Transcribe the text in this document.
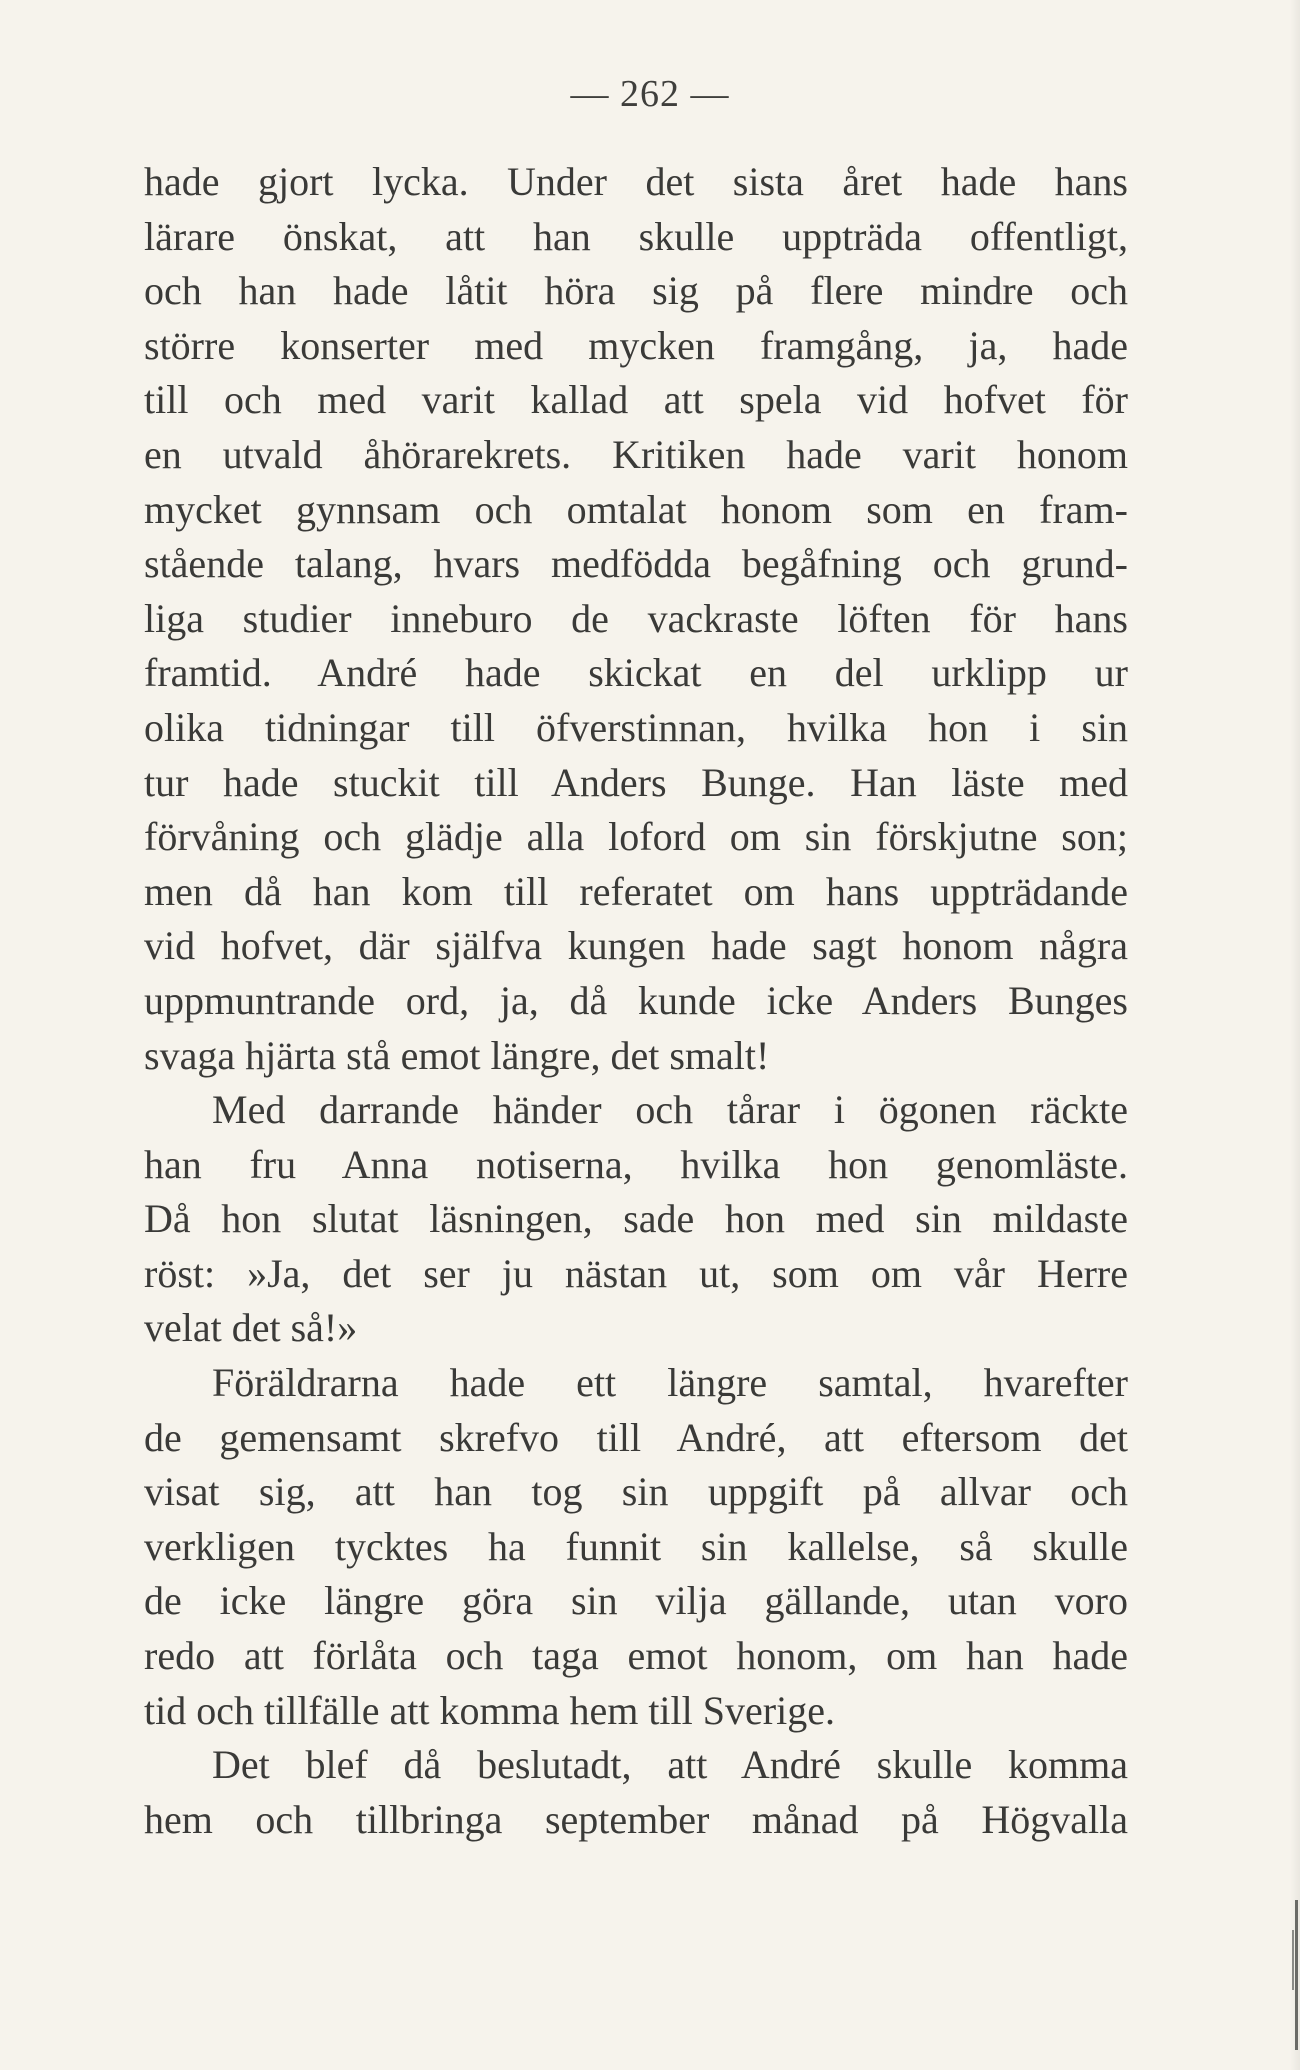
— 262 —
hade gjort lycka. Under det sista året hade hans
lärare önskat, att han skulle uppträda offentligt,
och han hade låtit höra sig på flere mindre och
större konserter med mycken framgång, ja, hade
till och med varit kallad att spela vid hofvet för
en utvald åhörarekrets. Kritiken hade varit honom
mycket gynnsam och omtalat honom som en fram-
stående talang, hvars medfödda begåfning och grund-
liga studier inneburo de vackraste löften för hans
framtid. André hade skickat en del urklipp ur
olika tidningar till öfverstinnan, hvilka hon i sin
tur hade stuckit till Anders Bunge. Han läste med
förvåning och glädje alla loford om sin förskjutne son;
men då han kom till referatet om hans uppträdande
vid hofvet, där själfva kungen hade sagt honom några
uppmuntrande ord, ja, då kunde icke Anders Bunges
svaga hjärta stå emot längre, det smalt!
Med darrande händer och tårar i ögonen räckte
han fru Anna notiserna, hvilka hon genomläste.
Då hon slutat läsningen, sade hon med sin mildaste
röst: »Ja, det ser ju nästan ut, som om vår Herre
velat det så!»
Föräldrarna hade ett längre samtal, hvarefter
de gemensamt skrefvo till André, att eftersom det
visat sig, att han tog sin uppgift på allvar och
verkligen tycktes ha funnit sin kallelse, så skulle
de icke längre göra sin vilja gällande, utan voro
redo att förlåta och taga emot honom, om han hade
tid och tillfälle att komma hem till Sverige.
Det blef då beslutadt, att André skulle komma
hem och tillbringa september månad på Högvalla
